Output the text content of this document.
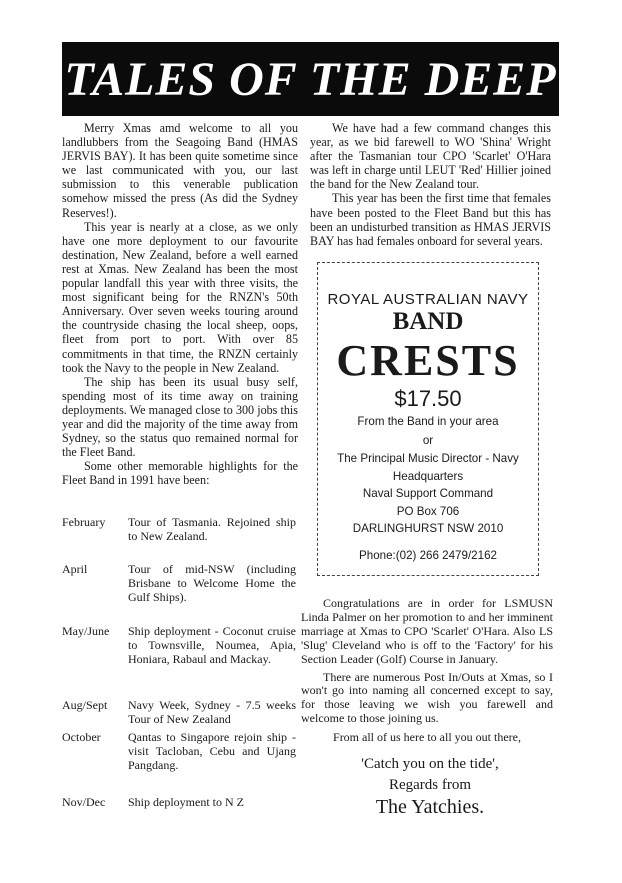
TALES OF THE DEEP

Merry Xmas amd welcome to all you landlubbers from the Seagoing Band (HMAS JERVIS BAY). It has been quite sometime since we last communicated with you, our last submission to this venerable publication somehow missed the press (As did the Sydney Reserves!).

This year is nearly at a close, as we only have one more deployment to our favourite destination, New Zealand, before a well earned rest at Xmas. New Zealand has been the most popular landfall this year with three visits, the most significant being for the RNZN's 50th Anniversary. Over seven weeks touring around the countryside chasing the local sheep, oops, fleet from port to port. With over 85 commitments in that time, the RNZN certainly took the Navy to the people in New Zealand.

The ship has been its usual busy self, spending most of its time away on training deployments. We managed close to 300 jobs this year and did the majority of the time away from Sydney, so the status quo remained normal for the Fleet Band.

Some other memorable highlights for the Fleet Band in 1991 have been:

February	Tour of Tasmania. Rejoined ship to New Zealand.
April	Tour of mid-NSW (including Brisbane to Welcome Home the Gulf Ships).
May/June	Ship deployment - Coconut cruise to Townsville, Noumea, Apia, Honiara, Rabaul and Mackay.
Aug/Sept	Navy Week, Sydney - 7.5 weeks Tour of New Zealand
October	Qantas to Singapore rejoin ship - visit Tacloban, Cebu and Ujang Pangdang.
Nov/Dec	Ship deployment to N Z

We have had a few command changes this year, as we bid farewell to WO 'Shina' Wright after the Tasmanian tour CPO 'Scarlet' O'Hara was left in charge until LEUT 'Red' Hillier joined the band for the New Zealand tour.

This year has been the first time that females have been posted to the Fleet Band but this has been an undisturbed transition as HMAS JERVIS BAY has had females onboard for several years.

ROYAL AUSTRALIAN NAVY
BAND
CRESTS
$17.50
From the Band in your area
or
The Principal Music Director - Navy
Headquarters
Naval Support Command
PO Box 706
DARLINGHURST NSW 2010
Phone:(02) 266 2479/2162

Congratulations are in order for LSMUSN Linda Palmer on her promotion to and her imminent marriage at Xmas to CPO 'Scarlet' O'Hara. Also LS 'Slug' Cleveland who is off to the 'Factory' for his Section Leader (Golf) Course in January.

There are numerous Post In/Outs at Xmas, so I won't go into naming all concerned except to say, for those leaving we wish you farewell and welcome to those joining us.

From all of us here to all you out there,

'Catch you on the tide',
Regards from
The Yatchies.
